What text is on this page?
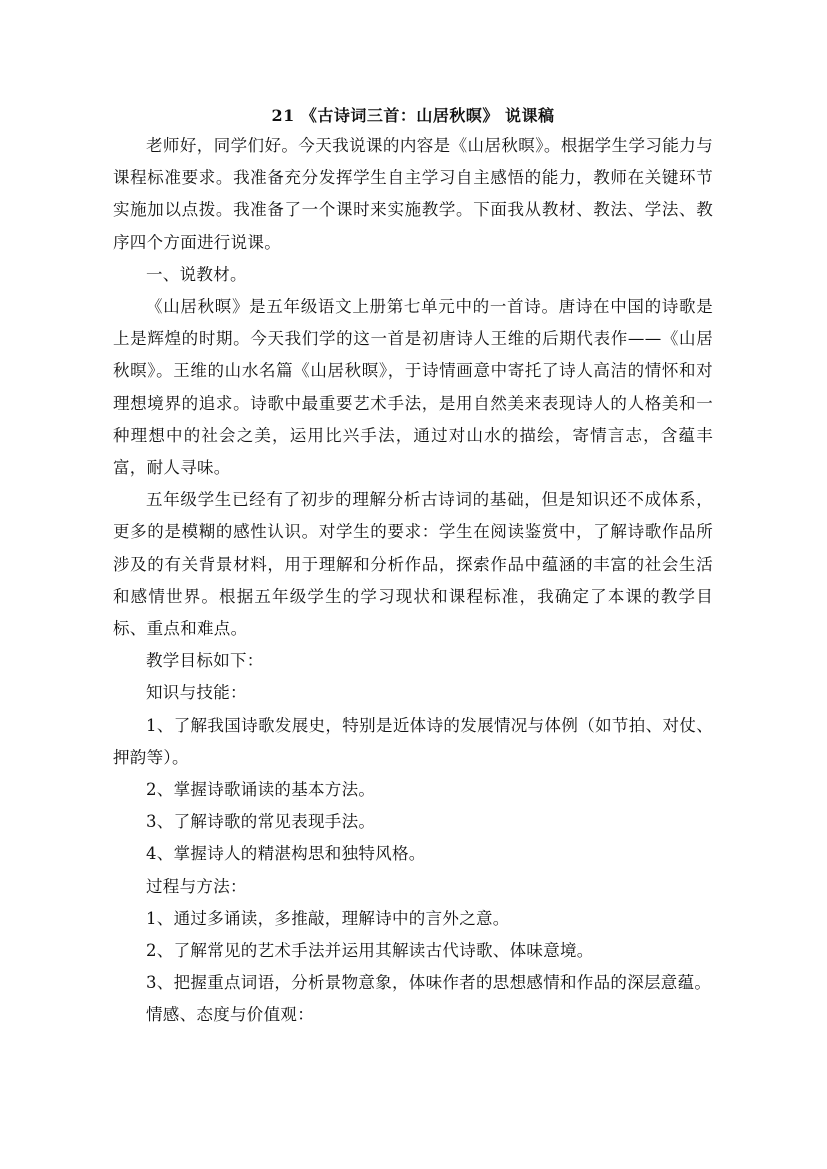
21 《古诗词三首：山居秋暝》 说课稿

老师好，同学们好。今天我说课的内容是《山居秋暝》。根据学生学习能力与课程标准要求。我准备充分发挥学生自主学习自主感悟的能力，教师在关键环节实施加以点拨。我准备了一个课时来实施教学。下面我从教材、教法、学法、教序四个方面进行说课。

一、说教材。

《山居秋暝》是五年级语文上册第七单元中的一首诗。唐诗在中国的诗歌是上是辉煌的时期。今天我们学的这一首是初唐诗人王维的后期代表作——《山居秋暝》。王维的山水名篇《山居秋暝》，于诗情画意中寄托了诗人高洁的情怀和对理想境界的追求。诗歌中最重要艺术手法，是用自然美来表现诗人的人格美和一种理想中的社会之美，运用比兴手法，通过对山水的描绘，寄情言志，含蕴丰富，耐人寻味。

五年级学生已经有了初步的理解分析古诗词的基础，但是知识还不成体系，更多的是模糊的感性认识。对学生的要求：学生在阅读鉴赏中，了解诗歌作品所涉及的有关背景材料，用于理解和分析作品，探索作品中蕴涵的丰富的社会生活和感情世界。根据五年级学生的学习现状和课程标准，我确定了本课的教学目标、重点和难点。

教学目标如下：

知识与技能：

1、了解我国诗歌发展史，特别是近体诗的发展情况与体例（如节拍、对仗、押韵等）。

2、掌握诗歌诵读的基本方法。

3、了解诗歌的常见表现手法。

4、掌握诗人的精湛构思和独特风格。

过程与方法：

1、通过多诵读，多推敲，理解诗中的言外之意。

2、了解常见的艺术手法并运用其解读古代诗歌、体味意境。

3、把握重点词语，分析景物意象，体味作者的思想感情和作品的深层意蕴。

情感、态度与价值观：
